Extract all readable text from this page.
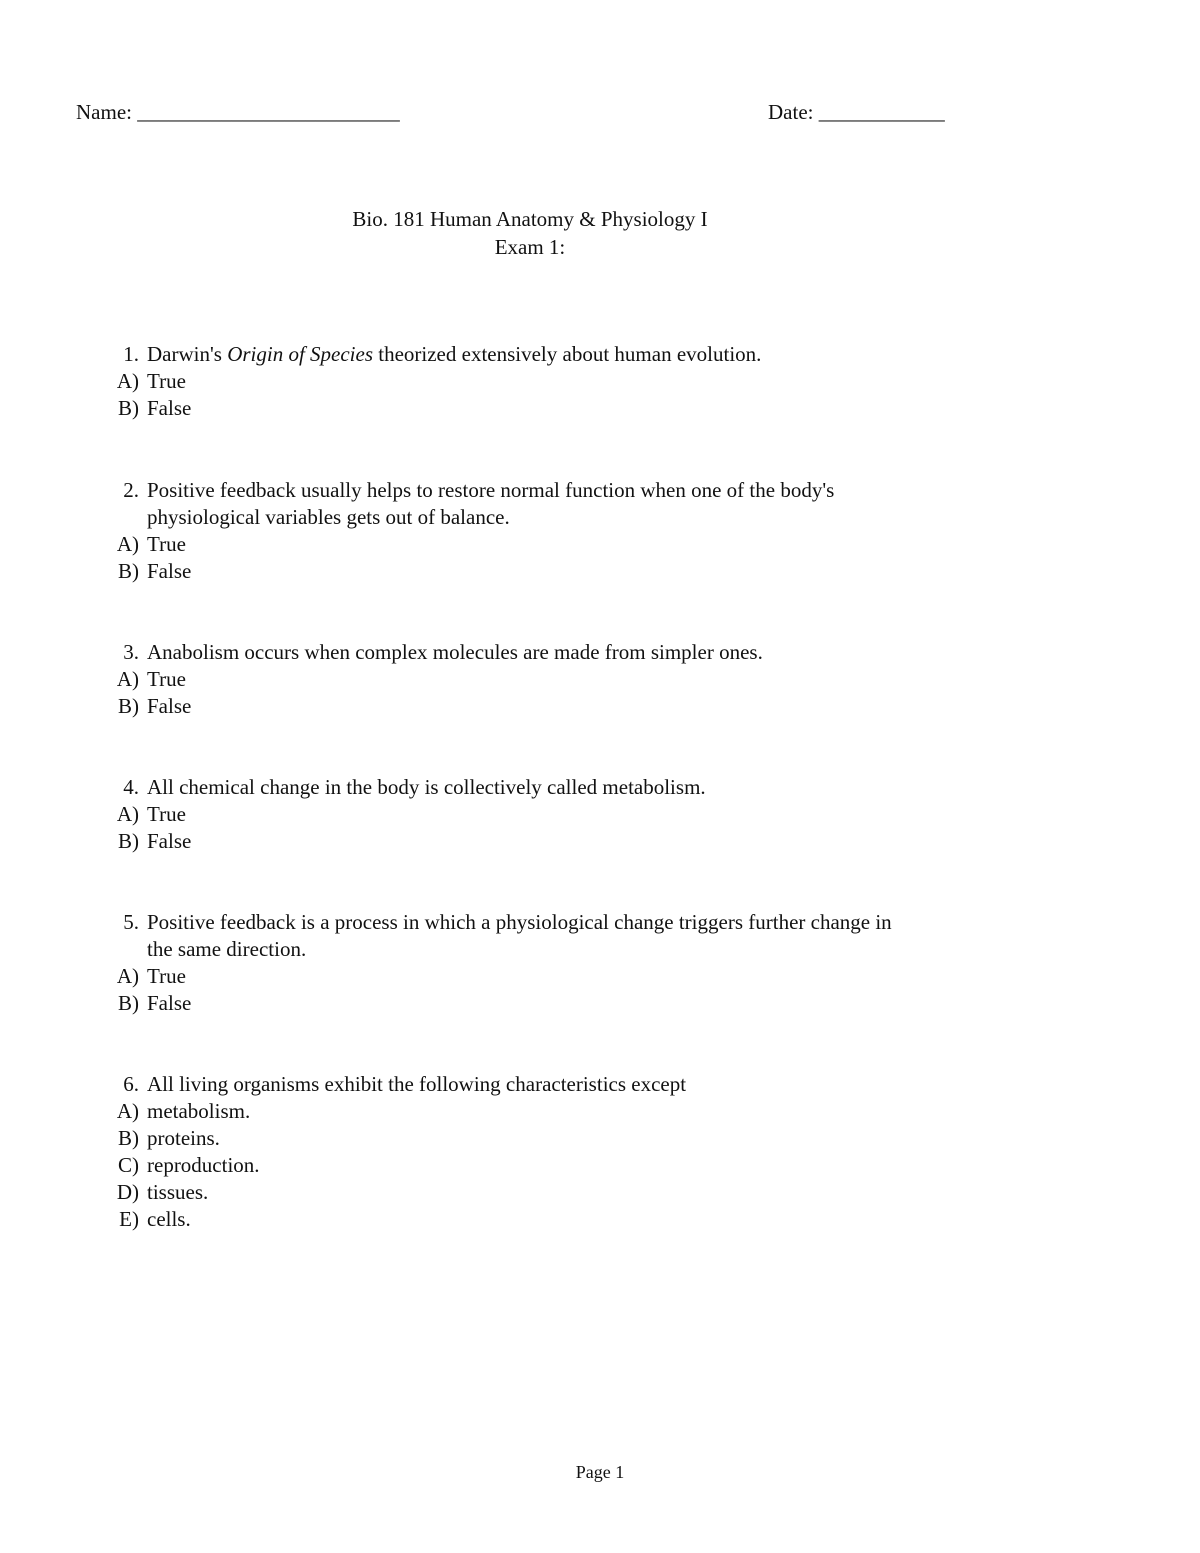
Name: _________________________	Date: ____________
Bio. 181 Human Anatomy & Physiology I
Exam 1:
1. Darwin's Origin of Species theorized extensively about human evolution.
A) True
B) False
2. Positive feedback usually helps to restore normal function when one of the body's
physiological variables gets out of balance.
A) True
B) False
3. Anabolism occurs when complex molecules are made from simpler ones.
A) True
B) False
4. All chemical change in the body is collectively called metabolism.
A) True
B) False
5. Positive feedback is a process in which a physiological change triggers further change in
the same direction.
A) True
B) False
6. All living organisms exhibit the following characteristics except
A) metabolism.
B) proteins.
C) reproduction.
D) tissues.
E) cells.
Page 1
